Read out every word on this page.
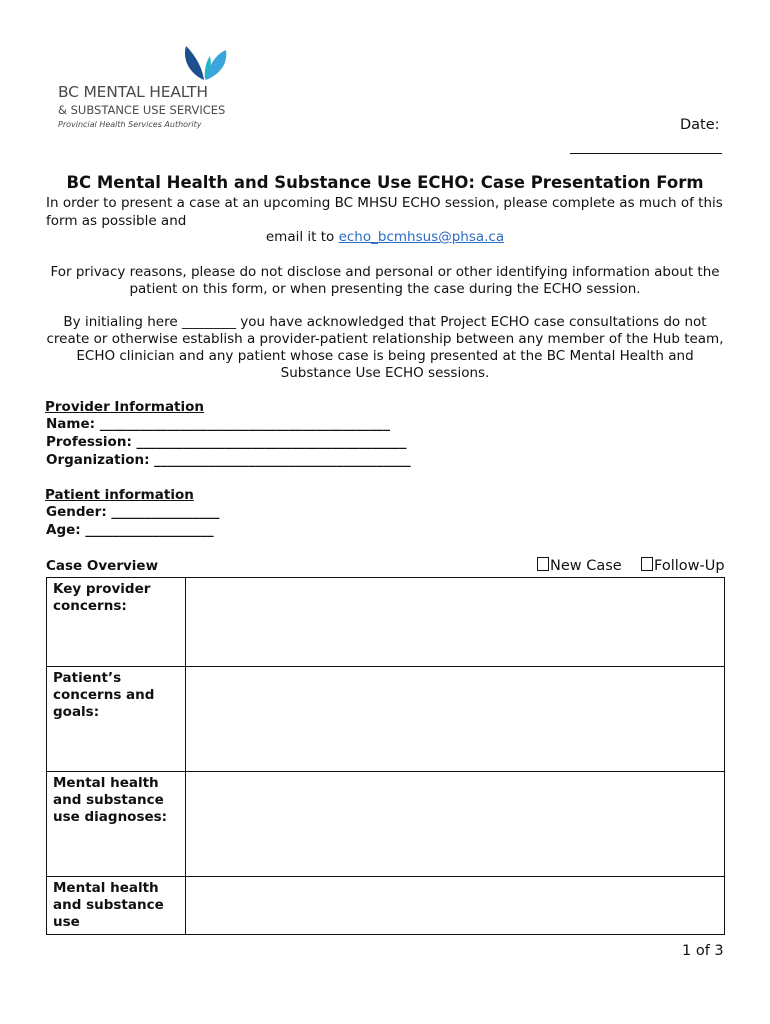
BC MENTAL HEALTH
& SUBSTANCE USE SERVICES
Provincial Health Services Authority	Date:
BC Mental Health and Substance Use ECHO: Case Presentation Form
In order to present a case at an upcoming BC MHSU ECHO session, please complete as much of this form as possible and
email it to echo_bcmhsus@phsa.ca
For privacy reasons, please do not disclose and personal or other identifying information about the patient on this form, or when presenting the case during the ECHO session.
By initialing here ________ you have acknowledged that Project ECHO case consultations do not create or otherwise establish a provider-patient relationship between any member of the Hub team, ECHO clinician and any patient whose case is being presented at the BC Mental Health and Substance Use ECHO sessions.
Provider Information
Name: ___________________________________________
Profession: ________________________________________
Organization: ______________________________________
Patient information
Gender: ________________
Age: ___________________
Case Overview	New Case	Follow-Up
Key provider concerns:	
Patient’s concerns and goals:	
Mental health and substance use diagnoses:	
Mental health and substance use	
1 of 3
